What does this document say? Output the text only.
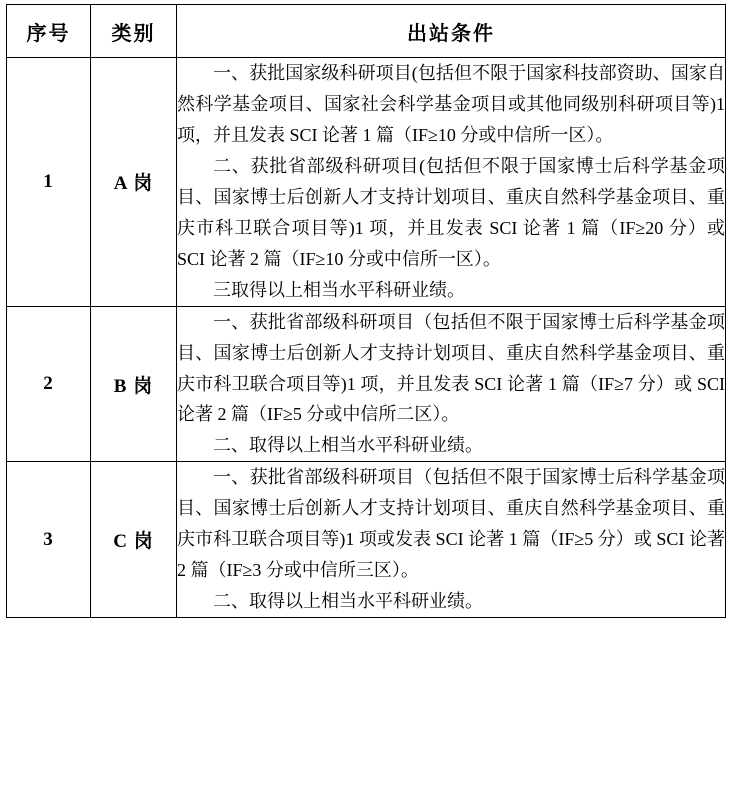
序号	类别	出站条件
1	A 岗	一、获批国家级科研项目(包括但不限于国家科技部资助、国家自然科学基金项目、国家社会科学基金项目或其他同级别科研项目等)1 项，并且发表 SCI 论著 1 篇（IF≥10 分或中信所一区）。

二、获批省部级科研项目(包括但不限于国家博士后科学基金项目、国家博士后创新人才支持计划项目、重庆自然科学基金项目、重庆市科卫联合项目等)1 项，并且发表 SCI 论著 1 篇（IF≥20 分）或 SCI 论著 2 篇（IF≥10 分或中信所一区）。

三取得以上相当水平科研业绩。

2	B 岗	一、获批省部级科研项目（包括但不限于国家博士后科学基金项目、国家博士后创新人才支持计划项目、重庆自然科学基金项目、重庆市科卫联合项目等)1 项，并且发表 SCI 论著 1 篇（IF≥7 分）或 SCI 论著 2 篇（IF≥5 分或中信所二区）。

二、取得以上相当水平科研业绩。

3	C 岗	一、获批省部级科研项目（包括但不限于国家博士后科学基金项目、国家博士后创新人才支持计划项目、重庆自然科学基金项目、重庆市科卫联合项目等)1 项或发表 SCI 论著 1 篇（IF≥5 分）或 SCI 论著 2 篇（IF≥3 分或中信所三区）。

二、取得以上相当水平科研业绩。
